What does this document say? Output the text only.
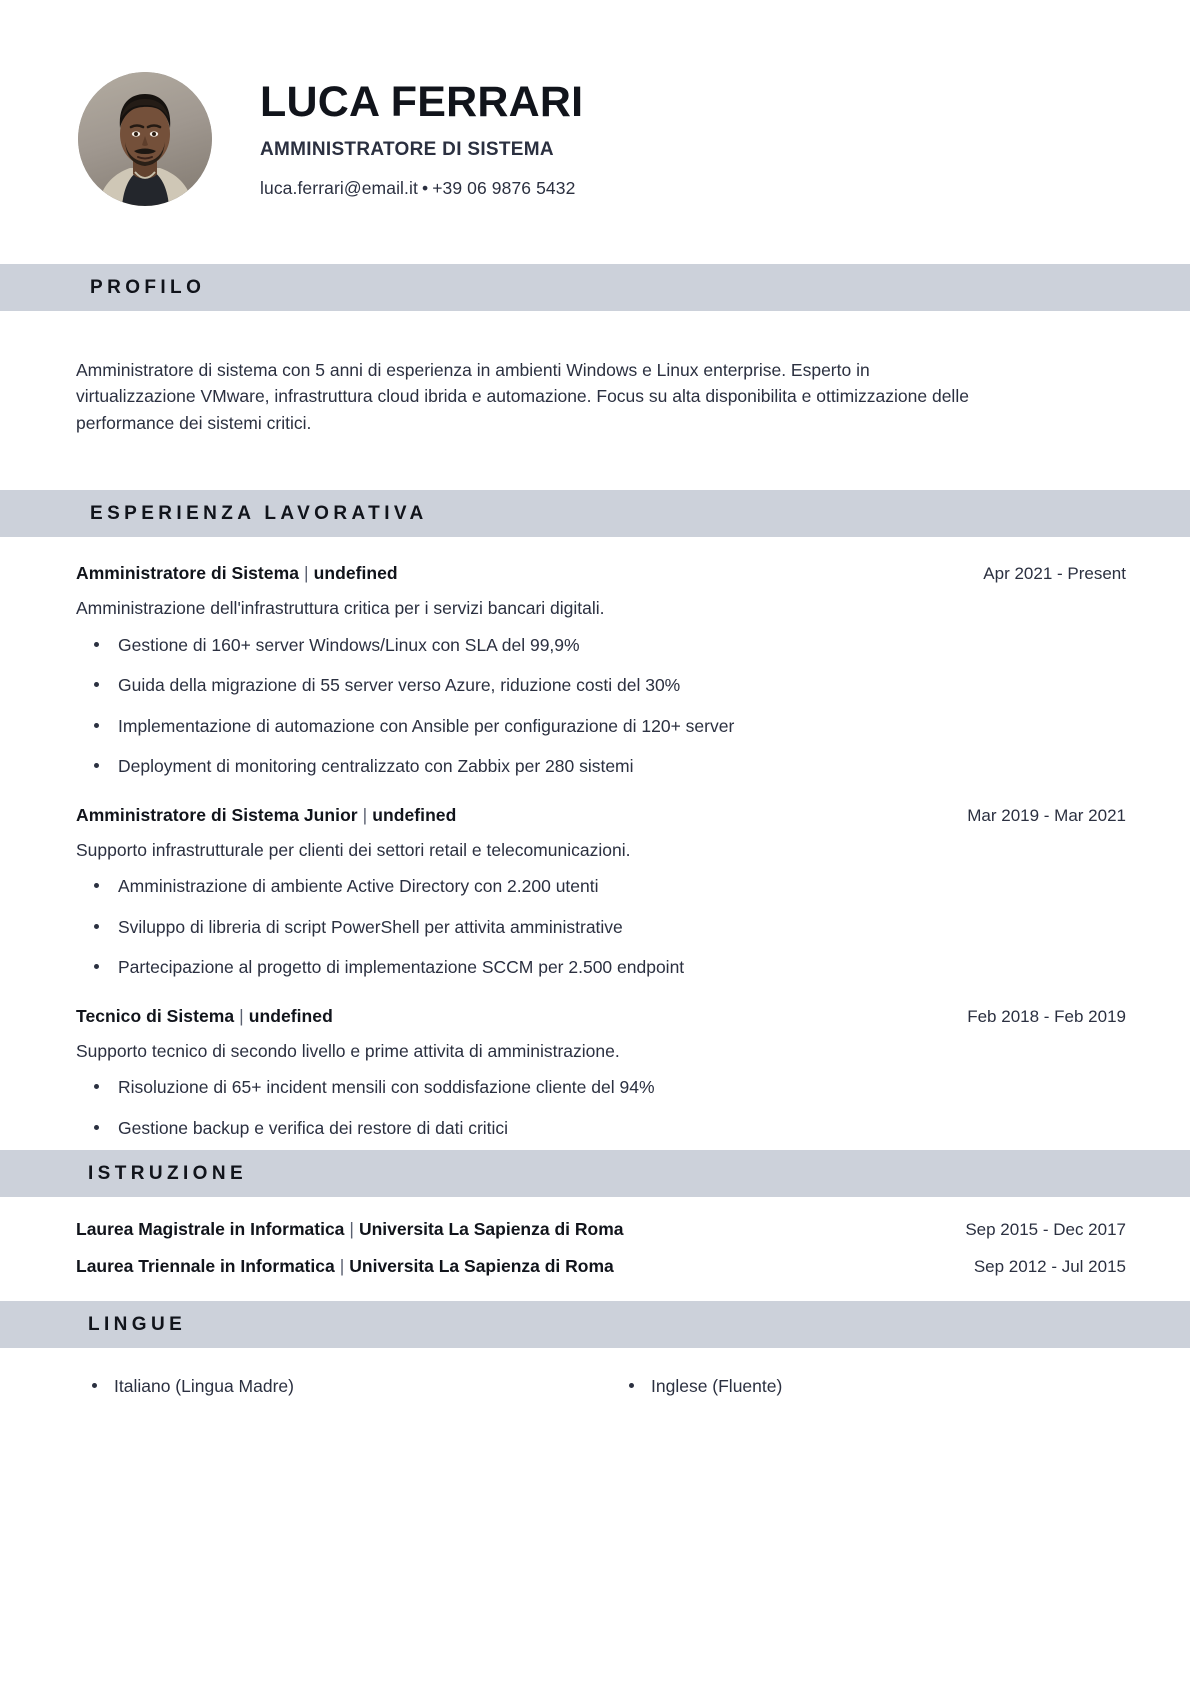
LUCA FERRARI
AMMINISTRATORE DI SISTEMA
luca.ferrari@email.it • +39 06 9876 5432
PROFILO

Amministratore di sistema con 5 anni di esperienza in ambienti Windows e Linux enterprise. Esperto in virtualizzazione VMware, infrastruttura cloud ibrida e automazione. Focus su alta disponibilita e ottimizzazione delle performance dei sistemi critici.

ESPERIENZA LAVORATIVA
Amministratore di Sistema | undefined	Apr 2021 - Present
Amministrazione dell'infrastruttura critica per i servizi bancari digitali.
Gestione di 160+ server Windows/Linux con SLA del 99,9%
Guida della migrazione di 55 server verso Azure, riduzione costi del 30%
Implementazione di automazione con Ansible per configurazione di 120+ server
Deployment di monitoring centralizzato con Zabbix per 280 sistemi
Amministratore di Sistema Junior | undefined	Mar 2019 - Mar 2021
Supporto infrastrutturale per clienti dei settori retail e telecomunicazioni.
Amministrazione di ambiente Active Directory con 2.200 utenti
Sviluppo di libreria di script PowerShell per attivita amministrative
Partecipazione al progetto di implementazione SCCM per 2.500 endpoint
Tecnico di Sistema | undefined	Feb 2018 - Feb 2019
Supporto tecnico di secondo livello e prime attivita di amministrazione.
Risoluzione di 65+ incident mensili con soddisfazione cliente del 94%
Gestione backup e verifica dei restore di dati critici
ISTRUZIONE
Laurea Magistrale in Informatica | Universita La Sapienza di Roma	Sep 2015 - Dec 2017
Laurea Triennale in Informatica | Universita La Sapienza di Roma	Sep 2012 - Jul 2015
LINGUE
Italiano (Lingua Madre)	Inglese (Fluente)
